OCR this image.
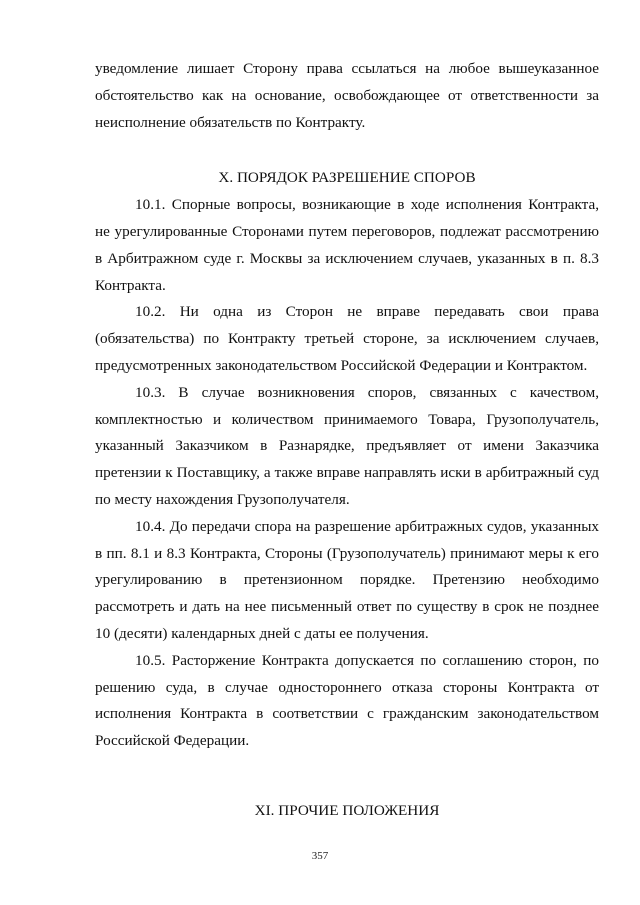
уведомление лишает Сторону права ссылаться на любое вышеуказанное обстоятельство как на основание, освобождающее от ответственности за неисполнение обязательств по Контракту.

X. ПОРЯДОК РАЗРЕШЕНИЕ СПОРОВ

10.1. Спорные вопросы, возникающие в ходе исполнения Контракта, не урегулированные Сторонами путем переговоров, подлежат рассмотрению в Арбитражном суде г. Москвы за исключением случаев, указанных в п. 8.3 Контракта.

10.2. Ни одна из Сторон не вправе передавать свои права (обязательства) по Контракту третьей стороне, за исключением случаев, предусмотренных законодательством Российской Федерации и Контрактом.

10.3. В случае возникновения споров, связанных с качеством, комплектностью и количеством принимаемого Товара, Грузополучатель, указанный Заказчиком в Разнарядке, предъявляет от имени Заказчика претензии к Поставщику, а также вправе направлять иски в арбитражный суд по месту нахождения Грузополучателя.

10.4. До передачи спора на разрешение арбитражных судов, указанных в пп. 8.1 и 8.3 Контракта, Стороны (Грузополучатель) принимают меры к его урегулированию в претензионном порядке. Претензию необходимо рассмотреть и дать на нее письменный ответ по существу в срок не позднее 10 (десяти) календарных дней с даты ее получения.

10.5. Расторжение Контракта допускается по соглашению сторон, по решению суда, в случае одностороннего отказа стороны Контракта от исполнения Контракта в соответствии с гражданским законодательством Российской Федерации.

XI. ПРОЧИЕ ПОЛОЖЕНИЯ

357
